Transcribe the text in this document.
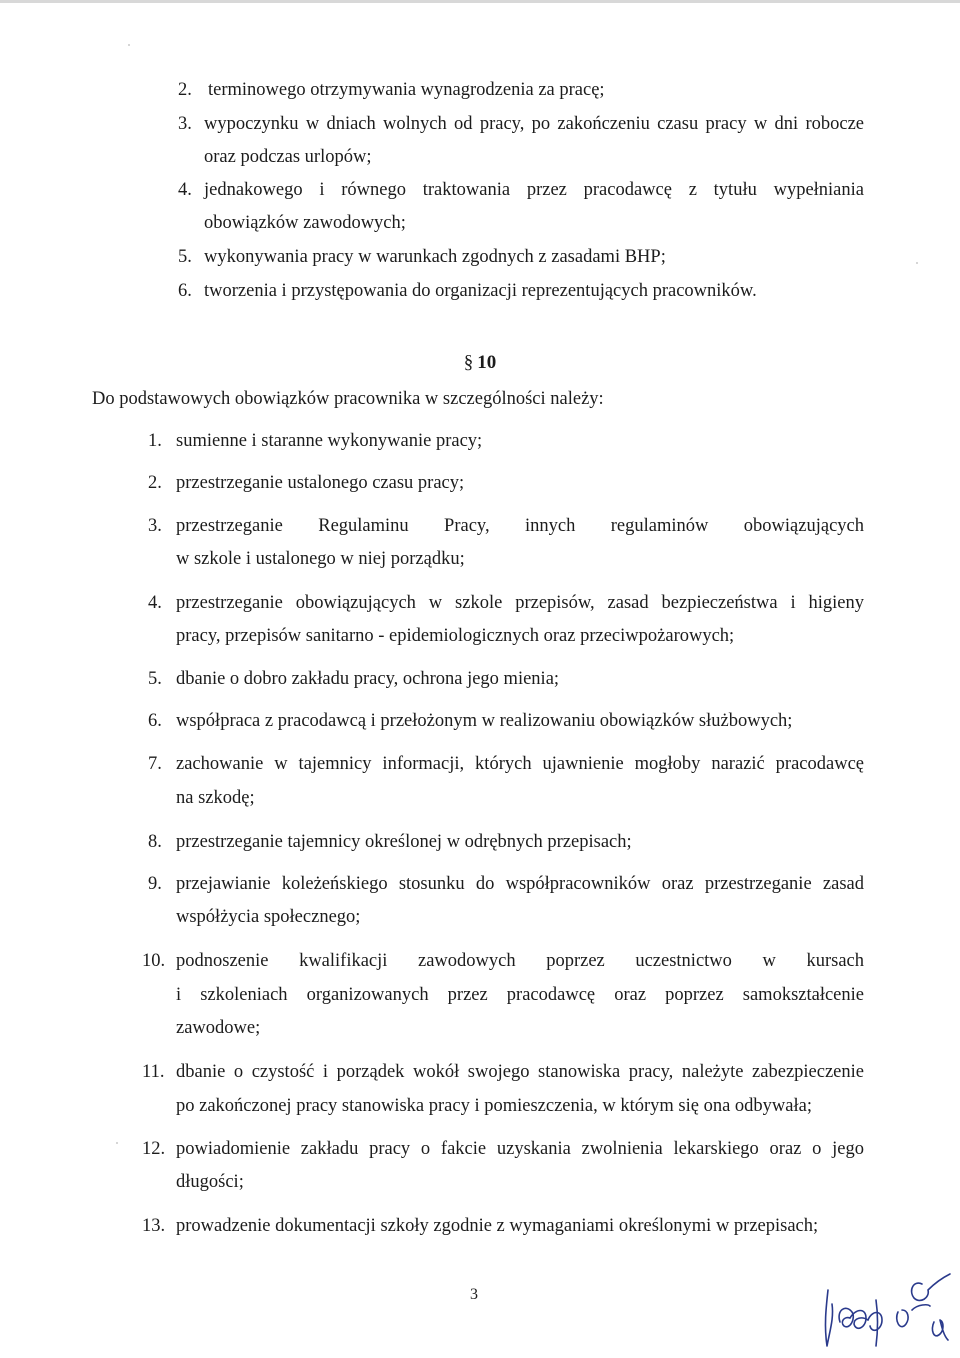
2. terminowego otrzymywania wynagrodzenia za pracę;
3. wypoczynku w dniach wolnych od pracy, po zakończeniu czasu pracy w dni robocze
oraz podczas urlopów;
4. jednakowego i równego traktowania przez pracodawcę z tytułu wypełniania
obowiązków zawodowych;
5. wykonywania pracy w warunkach zgodnych z zasadami BHP;
6. tworzenia i przystępowania do organizacji reprezentujących pracowników.
§ 10
Do podstawowych obowiązków pracownika w szczególności należy:
1. sumienne i staranne wykonywanie pracy;
2. przestrzeganie ustalonego czasu pracy;
3. przestrzeganie Regulaminu Pracy, innych regulaminów obowiązujących
w szkole i ustalonego w niej porządku;
4. przestrzeganie obowiązujących w szkole przepisów, zasad bezpieczeństwa i higieny
pracy, przepisów sanitarno - epidemiologicznych oraz przeciwpożarowych;
5. dbanie o dobro zakładu pracy, ochrona jego mienia;
6. współpraca z pracodawcą i przełożonym w realizowaniu obowiązków służbowych;
7. zachowanie w tajemnicy informacji, których ujawnienie mogłoby narazić pracodawcę
na szkodę;
8. przestrzeganie tajemnicy określonej w odrębnych przepisach;
9. przejawianie koleżeńskiego stosunku do współpracowników oraz przestrzeganie zasad
współżycia społecznego;
10. podnoszenie kwalifikacji zawodowych poprzez uczestnictwo w kursach
i szkoleniach organizowanych przez pracodawcę oraz poprzez samokształcenie
zawodowe;
11. dbanie o czystość i porządek wokół swojego stanowiska pracy, należyte zabezpieczenie
po zakończonej pracy stanowiska pracy i pomieszczenia, w którym się ona odbywała;
12. powiadomienie zakładu pracy o fakcie uzyskania zwolnienia lekarskiego oraz o jego
długości;
13. prowadzenie dokumentacji szkoły zgodnie z wymaganiami określonymi w przepisach;
3
